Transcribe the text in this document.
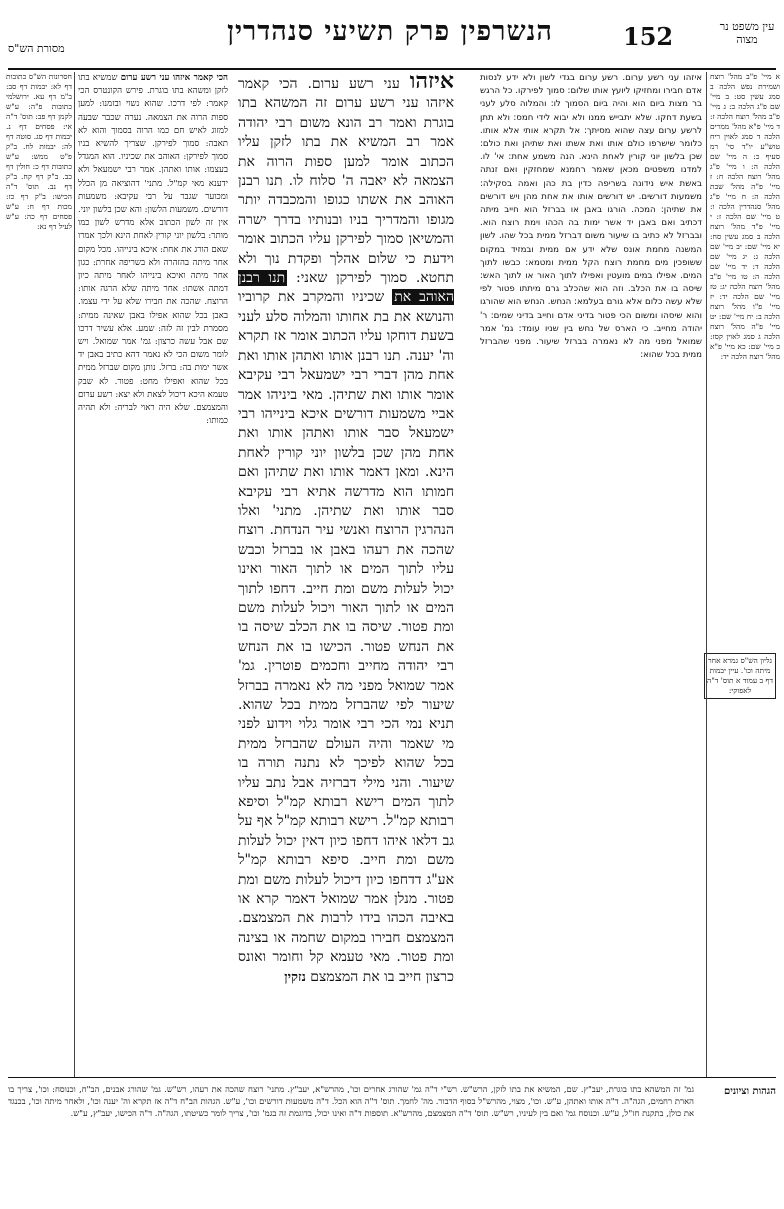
עין משפט נר מצוה
152
הנשרפין פרק תשיעי סנהדרין
מסורת הש"ס

א מיי' פ"ב מהל' רוצח ושמירת נפש הלכה ב סמג עשין סט: ב מיי' שם פ"ג הלכה ב: ג מיי' פ"ב מהל' רוצח הלכה ז: ד מיי' פ"א מהל' ממרים הלכה ד סמג לאוין ריח טוש"ע יו"ד סי' רמ סעיף כ: ה מיי' שם הלכה ה: ו מיי' פ"ג מהל' רוצח הלכה ח: ז מיי' פ"ה מהל' שבת הלכה ה: ח מיי' פ"ג מהל' סנהדרין הלכה ו: ט מיי' שם הלכה ז: י מיי' פ"ד מהל' רוצח הלכה ב סמג עשין סח: יא מיי' שם: יב מיי' שם הלכה ג: יג מיי' שם הלכה ד: יד מיי' שם הלכה ה: טו מיי' פ"ב מהל' רוצח הלכה יג: טז מיי' שם הלכה יד: יז מיי' פ"ו מהל' רוצח הלכה ב: יח מיי' שם: יט מיי' פ"ה מהל' רוצח הלכה ג סמג לאוין קסז: כ מיי' שם: כא מיי' פ"א מהל' רוצח הלכה יד:

גליון הש"ס גמרא אחר מיתה וכו'. עיין יבמות דף ב עמוד א תוס' ד"ה לאפוקי:

איזהו עני רשע ערום. רשע ערום בגדי לשון ולא ידע לנסות אדם חבירו ומחזיקו ליועץ אותו שלום: סמוך לפירקו. כל הרגש בר מצות ביום הוא והיה ביום הסמוך לו: והמלוה סלע לעני בשעת דחקו. שלא יתבייש ממנו ולא יבוא לידי חמס: ולא תתן לרשע ערום עצה שהוא מסיתך: אל תקרא אותי אלא אותו. כלומר שישרפו כולם אותו ואת אשתו ואת שתיהן ואת כולם: שכן בלשון יוני קורין לאחת הינא. הנה משמע אחת: אי' לו. למדנו משפטים מכאן שאמר רחמנא שמחזקין ואם זנתה באשת איש נידונה בשריפה כדין בת כהן ואמה בסקילה: משמעות דורשים. יש דורשים אותו את אחת מהן ויש דורשים את שתיהן: המכה. הורגו באבן או בברזל הוא חייב מיתה דכתיב ואם באבן יד אשר ימות בה הכהו וימת רוצח הוא. ובברזל לא כתיב בו שיעור משום דברזל ממית בכל שהו. לשון המשנה מחמת אונס שלא ידע אם ממית ובמזיד במקום ששופכין מים מחמת רוצח הקל ממית ומטמא: כבשו לתוך המים. אפילו במים מועטין ואפילו לתוך האור או לתוך האש: שיסה בו את הכלב. וזה הוא שהכלב גרם מיתתו פטור לפי שלא עשה כלום אלא גורם בעלמא: הנחש. הנחש הוא שהורגו והוא שיסהו ומשום הכי פטור בדיני אדם וחייב בדיני שמים: ר' יהודה מחייב. כי הארס של נחש בין שניו עומד: גמ' אמר שמואל מפני מה לא נאמרה בברזל שיעור. מפני שהברזל ממית בכל שהוא:

איזהו עני רשע ערום. הכי קאמר איזהו עני רשע ערום זה המשהא בתו בוגרת ואמר רב הונא משום רבי יהודה אמר רב המשיא את בתו לזקן עליו הכתוב אומר למען ספות הרוה את הצמאה לא יאבה ה' סלוח לו. תנו רבנן האוהב את אשתו כגופו והמכבדה יותר מגופו והמדריך בניו ובנותיו בדרך ישרה והמשיאן סמוך לפירקן עליו הכתוב אומר וידעת כי שלום אהלך ופקדת נוך ולא תחטא. סמוך לפירקן שאני: תנו רבנן האוהב את שכיניו והמקרב את קרוביו והנושא את בת אחותו והמלוה סלע לעני בשעת דוחקו עליו הכתוב אומר אז תקרא וה' יענה. תנו רבנן אותו ואתהן אותו ואת אחת מהן דברי רבי ישמעאל רבי עקיבא אומר אותו ואת שתיהן. מאי ביניהו אמר אביי משמעות דורשים איכא בינייהו רבי ישמעאל סבר אותו ואתהן אותו ואת אחת מהן שכן בלשון יוני קורין לאחת הינא. ומאן דאמר אותו ואת שתיהן ואם חמותו הוא מדרשה אתיא רבי עקיבא סבר אותו ואת שתיהן. מתני' ואלו הנהרגין הרוצח ואנשי עיר הנדחת. רוצח שהכה את רעהו באבן או בברזל וכבש עליו לתוך המים או לתוך האור ואינו יכול לעלות משם ומת חייב. דחפו לתוך המים או לתוך האור ויכול לעלות משם ומת פטור. שיסה בו את הכלב שיסה בו את הנחש פטור. הכישו בו את הנחש רבי יהודה מחייב וחכמים פוטרין. גמ' אמר שמואל מפני מה לא נאמרה בברזל שיעור לפי שהברזל ממית בכל שהוא. תניא נמי הכי רבי אומר גלוי וידוע לפני מי שאמר והיה העולם שהברזל ממית בכל שהוא לפיכך לא נתנה תורה בו שיעור. והני מילי דברזיה אבל נתב עליו לתוך המים רישא רבותא קמ"ל וסיפא רבותא קמ"ל. רישא רבותא קמ"ל אף על גב דלאו איהו דחפו כיון דאין יכול לעלות משם ומת חייב. סיפא רבותא קמ"ל אע"ג דדחפו כיון דיכול לעלות משם ומת פטור. מנלן אמר שמואל דאמר קרא או באיבה הכהו בידו לרבות את המצמצם. המצמצם חבירו במקום שחמה או בצינה ומת פטור. מאי טעמא קל וחומר ואונס כרצון חייב בו את המצמצם נזקין

הכי קאמר איזהו עני רשע ערום שמשיא בתו לזקן ומשהא בתו בוגרת. פירש הקונטרס הכי קאמר: לפי דרכו. שהוא נשוי ובזמנו: למען ספות הרוה את הצמאה. נערה שכבר שבעה למזוג לאיש חם כמו הרוה בסמוך והוא לא תאבה: סמוך לפירקן. שצריך להשיא בניו סמוך לפירקן: האוהב את שכיניו. הוא המגדל בעצמו: אותו ואתהן. אמר רבי ישמעאל ולא ידענא מאי קמ"ל. מתני' דהוציאה מן הכלל ומכוער שגבר על רבי עקיבא: משמעות דורשים. משמעות הלשון: והא שכן בלשון יוני. אין זה לשון הכתוב אלא מדרש לשון כמו מותר: בלשון יוני קורין לאחת הינא ולכך אמרו שאם הורג את אחת: איכא בינייהו. מכל מקום אחר מיתה בהזהרה ולא בשריפה אחרת: כגון אחר מיתה ואיכא בינייהו לאחר מיתה כיון דמתה אשתו: אחר מיתה שלא הרגה אותו: הרוצח. שהכה את חבירו שלא על ידי עצמו. באבן בכל שהוא אפילו באבן שאינה ממית: מסמרת לבין זה לזה: שמע. אלא עשיר דרכו שם אבל עשה כרצון: גמ' אמר שמואל. ויש לומר משום הכי לא נאמר דהא כתיב באבן יד אשר ימות בה: ברזל. נותן מקום שברזל ממית בכל שהוא ואפילו מחט: פטור. לא שבק טעמא היכא דיכול לצאת ולא יצא: רשע ערום והמצמצם. שלא היה ראוי לבריה: ולא תהיה כמותו:

חסרונות הש"ס כתובות דף לא: יבמות דף סב: ב"מ דף עא. ירושלמי כתובות פ"ה: ע"ש לקמן דף פב: תוס' ד"ה אי: פסחים דף נ. יבמות דף סג. סוטה דף לה: יבמות לח. ב"ק פ"ט ממש: ע"ש כתובות דף כ: חולין דף כב. ב"ק דף קח. ב"ק דף נב. תוס' ד"ה הכישו: ב"ק דף כז: מכות דף ח: ע"ש פסחים דף כה: ע"ש לעיל דף נא:

הגהות וציונים
גמ' זה המשהא בתו בוגרת, יעב"ץ. שם, המשיא את בתו לזקן, הרש"ש. רש"י ד"ה גמ' שהורג אחרים וכו', מהרש"א, יעב"ץ. מתני' רוצח שהכה את רעהו, רש"ש. גמ' שהורג אבנים, הב"ח, וכנוסח: וכו', צריך בו הארת רחמים, הגה"ה. ד"ה אותו ואתהן, ע"ש. וכו', מצוי, מהרש"ל בסוף הדבור. מה' לחמך. תוס' ד"ה הוא הכל. ד"ה משמעות דורשים וכו', ע"ש. הגהות הב"ח ד"ה אז תקרא וה' יענה וכו', ולאחר מיתה וכו', בכנגד את כולן, בתקנת חז"ל, ע"ש. וכנוסח גמ' ואם בין לעיניו, רש"ש. תוס' ד"ה המצמצם, מהרש"א. תוספות ד"ה ואינו יכול, בדוגמת זה בגמ' וכו', צריך לומר כשיטתו, הגה"ה. ד"ה הכישו, יעב"ץ, ע"ש.
